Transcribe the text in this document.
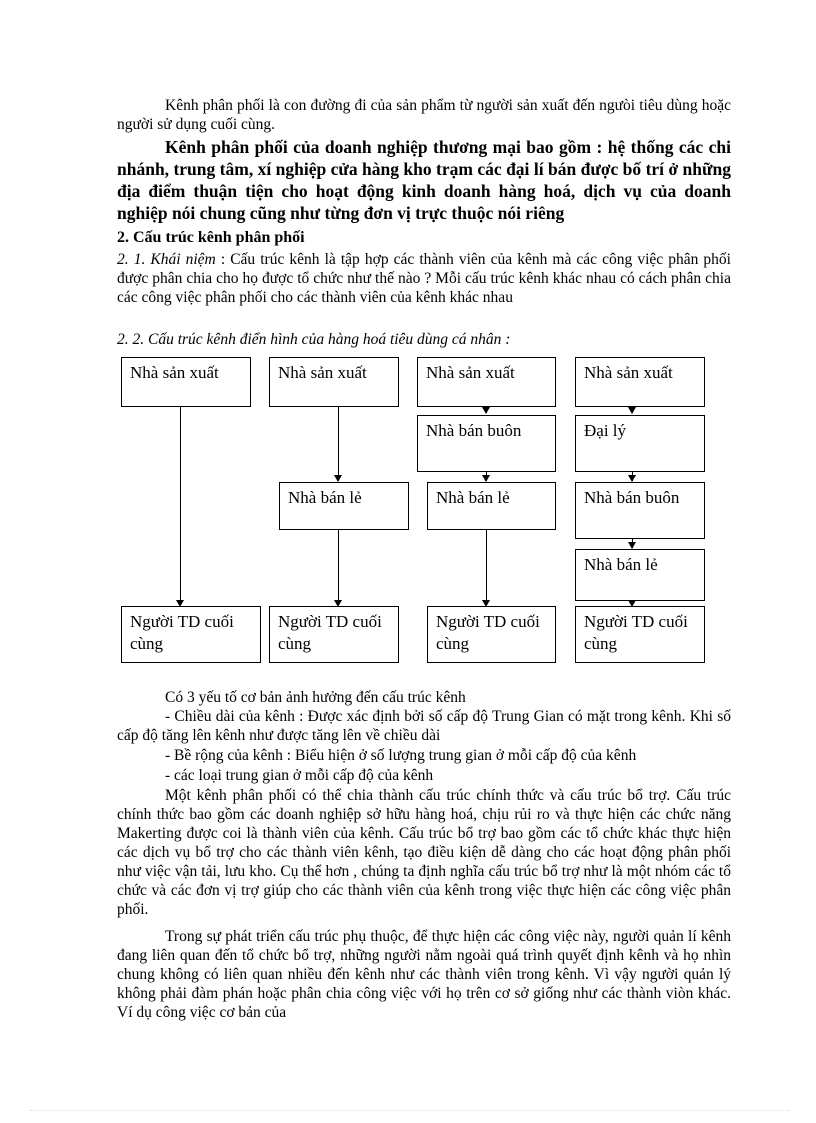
Kênh phân phối là con đường đi của sản phẩm từ người sản xuất đến ngưòi tiêu dùng hoặc người sử dụng cuối cùng.

Kênh phân phối của doanh nghiệp thương mại bao gồm : hệ thống các chi nhánh, trung tâm, xí nghiệp cửa hàng kho trạm các đại lí bán được bố trí ở những địa điểm thuận tiện cho hoạt động kinh doanh hàng hoá, dịch vụ của doanh nghiệp nói chung cũng như từng đơn vị trực thuộc nói riêng

2. Cấu trúc kênh phân phối

2. 1. Khái niệm : Cấu trúc kênh là tập hợp các thành viên của kênh mà các công việc phân phối được phân chia cho họ được tổ chức như thế nào ? Mỗi cấu trúc kênh khác nhau có cách phân chia các công việc phân phối cho các thành viên của kênh khác nhau

2. 2. Cấu trúc kênh điển hình của hàng hoá tiêu dùng cá nhân :

Nhà sản xuất
Người TD cuối cùng
Nhà sản xuất
Nhà bán lẻ
Người TD cuối cùng
Nhà sản xuất
Nhà bán buôn
Nhà bán lẻ
Người TD cuối cùng
Nhà sản xuất
Đại lý
Nhà bán buôn
Nhà bán lẻ
Người TD cuối cùng

Có 3 yếu tố cơ bản ảnh hưởng đến cấu trúc kênh

- Chiều dài của kênh : Được xác định bởi số cấp độ Trung Gian có mặt trong kênh. Khi số cấp độ tăng lên kênh như được tăng lên về chiều dài

- Bề rộng của kênh : Biểu hiện ở số lượng trung gian ở mỗi cấp độ của kênh

- các loại trung gian ở mỗi cấp độ của kênh

Một kênh phân phối có thể chia thành cấu trúc chính thức và cấu trúc bổ trợ. Cấu trúc chính thức bao gồm các doanh nghiệp sở hữu hàng hoá, chịu rủi ro và thực hiện các chức năng Makerting được coi là thành viên của kênh. Cấu trúc bổ trợ bao gồm các tổ chức khác thực hiện các dịch vụ bổ trợ cho các thành viên kênh, tạo điều kiện dễ dàng cho các hoạt động phân phối như việc vận tải, lưu kho. Cụ thể hơn , chúng ta định nghĩa cấu trúc bổ trợ như là một nhóm các tổ chức và các đơn vị trợ giúp cho các thành viên của kênh trong việc thực hiện các công việc phân phối.

Trong sự phát triển cấu trúc phụ thuộc, để thực hiện các công việc này, người quản lí kênh đang liên quan đến tổ chức bổ trợ, những người nằm ngoài quá trình quyết định kênh và họ nhìn chung không có liên quan nhiều đến kênh như các thành viên trong kênh. Vì vậy người quản lý không phải đàm phán hoặc phân chia công việc với họ trên cơ sở giống như các thành viòn khác. Ví dụ công việc cơ bản của
